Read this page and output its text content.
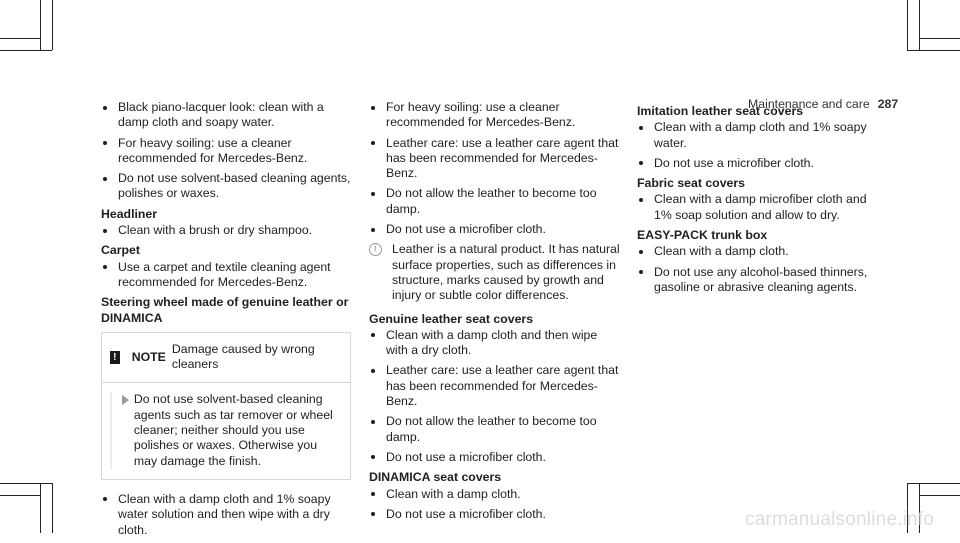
Maintenance and care 287
Black piano-lacquer look: clean with a damp cloth and soapy water.
For heavy soiling: use a cleaner recommended for Mercedes-Benz.
Do not use solvent-based cleaning agents, polishes or waxes.
Headliner
Clean with a brush or dry shampoo.
Carpet
Use a carpet and textile cleaning agent recommended for Mercedes-Benz.
Steering wheel made of genuine leather or DINAMICA
! NOTE
Damage caused by wrong cleaners
Do not use solvent-based cleaning agents such as tar remover or wheel cleaner; neither should you use polishes or waxes. Otherwise you may damage the finish.
Clean with a damp cloth and 1% soapy water solution and then wipe with a dry cloth.
For heavy soiling: use a cleaner recommended for Mercedes-Benz.
Leather care: use a leather care agent that has been recommended for Mercedes-Benz.
Do not allow the leather to become too damp.
Do not use a microfiber cloth.
i	Leather is a natural product. It has natural surface properties, such as differences in structure, marks caused by growth and injury or subtle color differences.
Genuine leather seat covers
Clean with a damp cloth and then wipe with a dry cloth.
Leather care: use a leather care agent that has been recommended for Mercedes-Benz.
Do not allow the leather to become too damp.
Do not use a microfiber cloth.
DINAMICA seat covers
Clean with a damp cloth.
Do not use a microfiber cloth.
Imitation leather seat covers
Clean with a damp cloth and 1% soapy water.
Do not use a microfiber cloth.
Fabric seat covers
Clean with a damp microfiber cloth and 1% soap solution and allow to dry.
EASY-PACK trunk box
Clean with a damp cloth.
Do not use any alcohol-based thinners, gasoline or abrasive cleaning agents.
carmanualsonline.info
